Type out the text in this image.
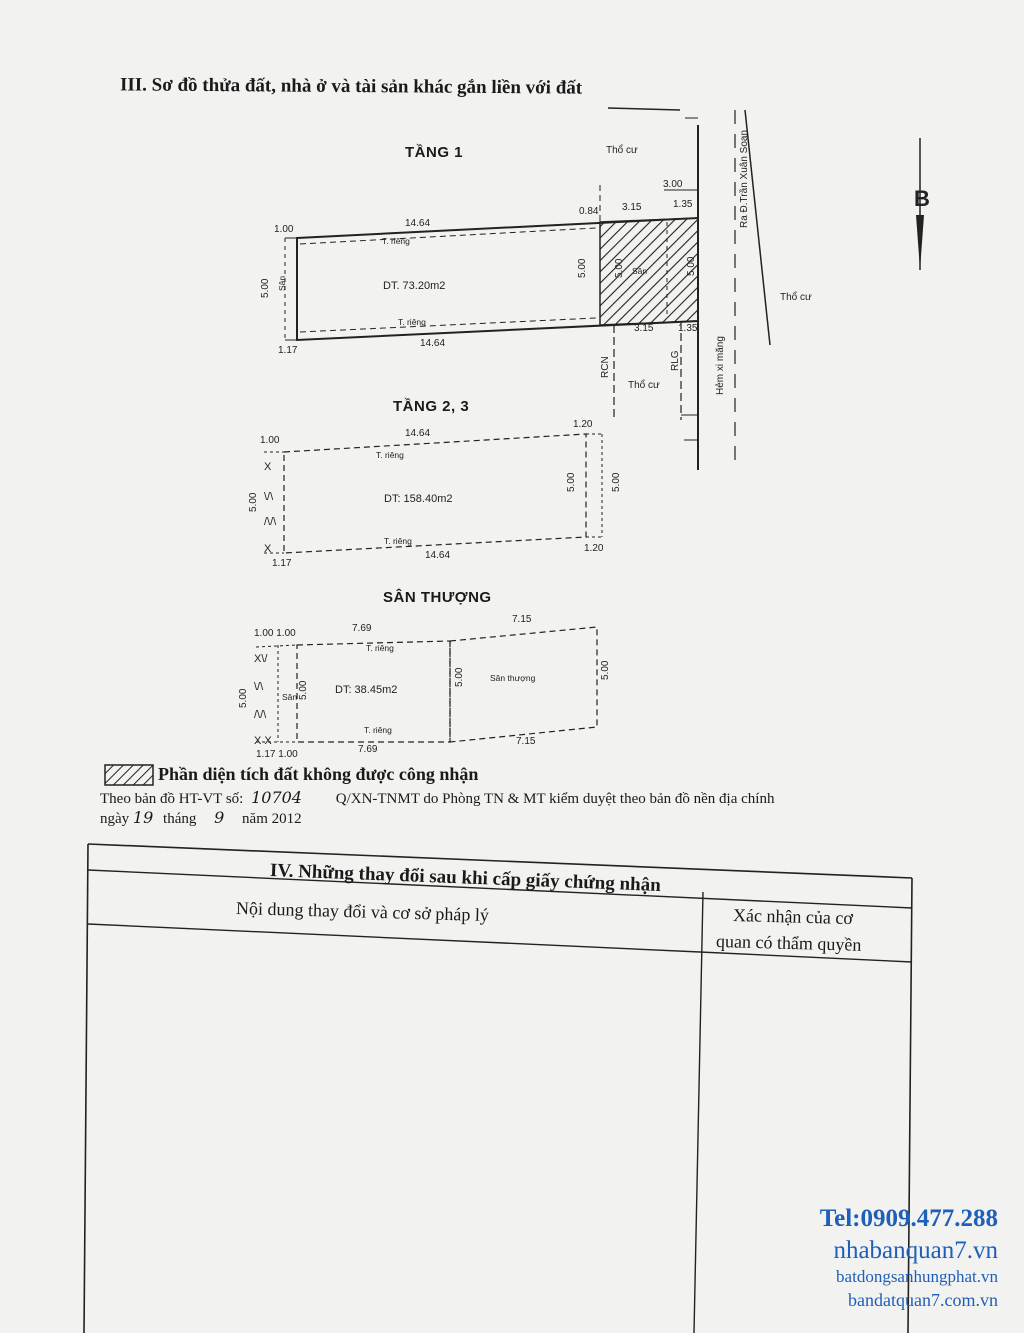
III. Sơ đồ thửa đất, nhà ở và tài sản khác gắn liền với đất
TẦNG 1
TẦNG 2, 3
SÂN THƯỢNG
1.00
1.17
14.64
14.64
T. riêng
T. riêng
DT. 73.20m2
Sân
5.00
5.00	5.00	5.00
Sân
0.84 3.15	1.35
3.15 1.35
3.00
Thổ cư
Thổ cư
Thổ cư
RCN	RLG	Hẻm xi măng
Ra Đ.Trần Xuân Soạn	B
X
\/\
/\/\
X
1.00
1.17
14.64
14.64
1.20
1.20
T. riêng
T. riêng
DT: 158.40m2
5.00
5.00	5.00
X\/
\/\
/\/\
X X
1.00 1.00	7.69
7.15
1.17 1.00	7.69
7.15
T. riêng
T. riêng
DT: 38.45m2
Sân thượng
Sân
5.00	5.00
5.00	5.00
Phần diện tích đất không được công nhận
Theo bản đồ HT-VT số: 10704 Q/XN-TNMT do Phòng TN & MT kiểm duyệt theo bản đồ nền địa chính
ngày 19 tháng 9 năm 2012
IV. Những thay đổi sau khi cấp giấy chứng nhận
Nội dung thay đổi và cơ sở pháp lý	Xác nhận của cơ
quan có thẩm quyền
Tel:0909.477.288
nhabanquan7.vn
batdongsanhungphat.vn
bandatquan7.com.vn
